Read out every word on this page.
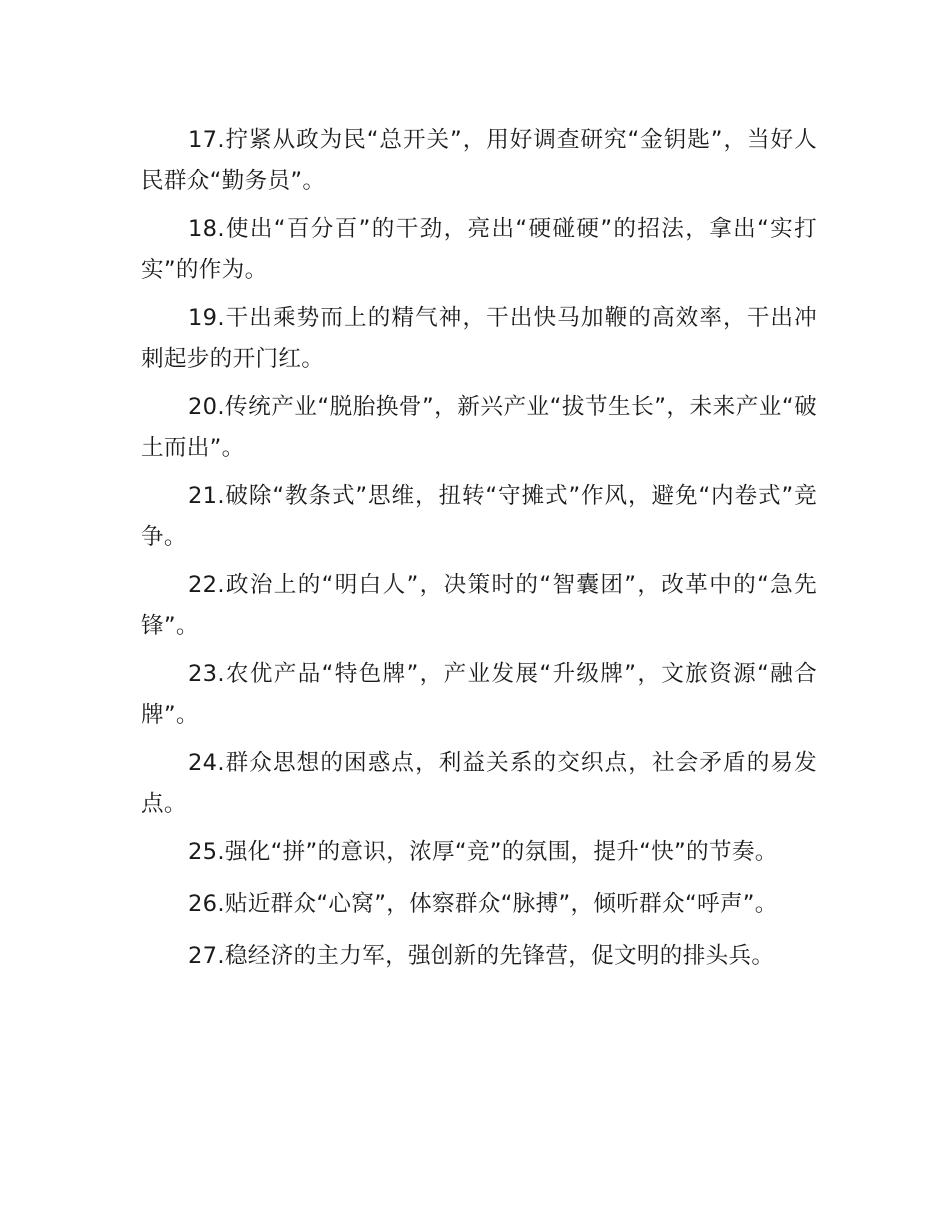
17.拧紧从政为民“总开关”，用好调查研究“金钥匙”，当好人民群众“勤务员”。

18.使出“百分百”的干劲，亮出“硬碰硬”的招法，拿出“实打实”的作为。

19.干出乘势而上的精气神，干出快马加鞭的高效率，干出冲刺起步的开门红。

20.传统产业“脱胎换骨”，新兴产业“拔节生长”，未来产业“破土而出”。

21.破除“教条式”思维，扭转“守摊式”作风，避免“内卷式”竞争。

22.政治上的“明白人”，决策时的“智囊团”，改革中的“急先锋”。

23.农优产品“特色牌”，产业发展“升级牌”，文旅资源“融合牌”。

24.群众思想的困惑点，利益关系的交织点，社会矛盾的易发点。

25.强化“拼”的意识，浓厚“竞”的氛围，提升“快”的节奏。

26.贴近群众“心窝”，体察群众“脉搏”，倾听群众“呼声”。

27.稳经济的主力军，强创新的先锋营，促文明的排头兵。
